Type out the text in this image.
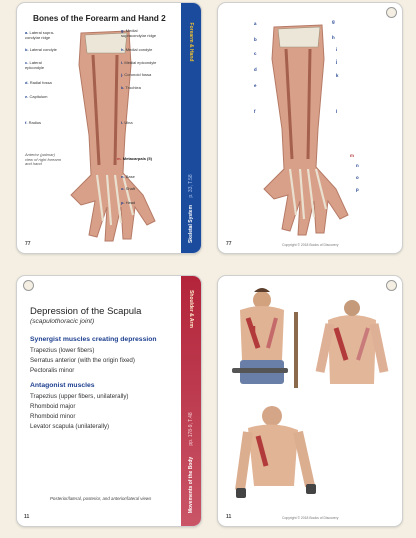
Bones of the Forearm and Hand 2
a. Lateral supra-
condylar ridge
b. Lateral condyle
c. Lateral
epicondyle
d. Radial fossa
e. Capitulum
f. Radius
g. Medial
supracondylar ridge
h. Medial condyle
i. Medial epicondyle
j. Coronoid fossa
k. Trochlea
l. Ulna
Anterior (palmar)
view of right forearm
and hand
m. Metacarpals (5)
n. Base
o. Shaft
p. Head
77
Forearm & Hand
p. 33, T.58
Skeletal System
a
b
c
d
e
f
g
h
i
j
k
l
m
n
o
p
77	Copyright © 2018 Books of Discovery
Shoulder & Arm
pp. 178-9, T.48
Movements of the Body
Depression of the Scapula
(scapulothoracic joint)
Synergist muscles creating depression
Trapezius (lower fibers)
Serratus anterior (with the origin fixed)
Pectoralis minor
Antagonist muscles
Trapezius (upper fibers, unilaterally)
Rhomboid major
Rhomboid minor
Levator scapula (unilaterally)
Posterior/lateral, posterior, and anterior/lateral views
11	11	Copyright © 2018 Books of Discovery
